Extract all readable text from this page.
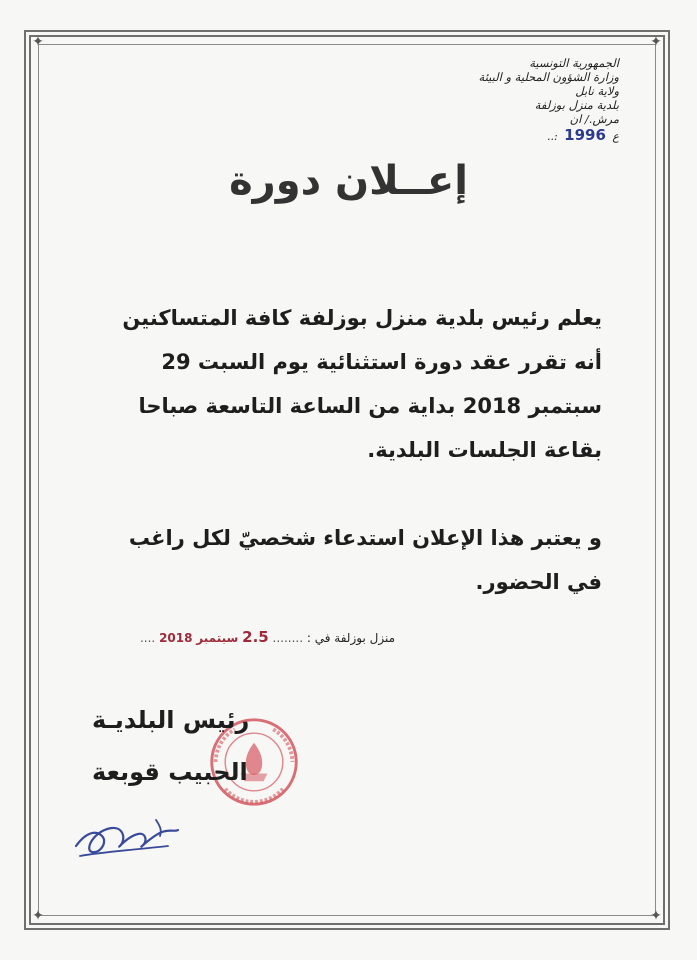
✦	✦
✦	✦
الجمهورية التونسية
وزارة الشؤون المحلية و البيئة
ولاية نابل
بلدية منزل بوزلفة
مرش./ ان
ع 1996 :..
إعــلان دورة

يعلم رئيس بلدية منزل بوزلفة كافة المتساكنين

أنه تقرر عقد دورة استثنائية يوم السبت 29

سبتمبر 2018 بداية من الساعة التاسعة صباحا

بقاعة الجلسات البلدية.

و يعتبر هذا الإعلان استدعاء شخصيّ لكل راغب

في الحضور.

منزل بوزلفة في : ........ 2.5 سبتمبر 2018 ....
رئيس البلديـة
الحبيب قوبعة
